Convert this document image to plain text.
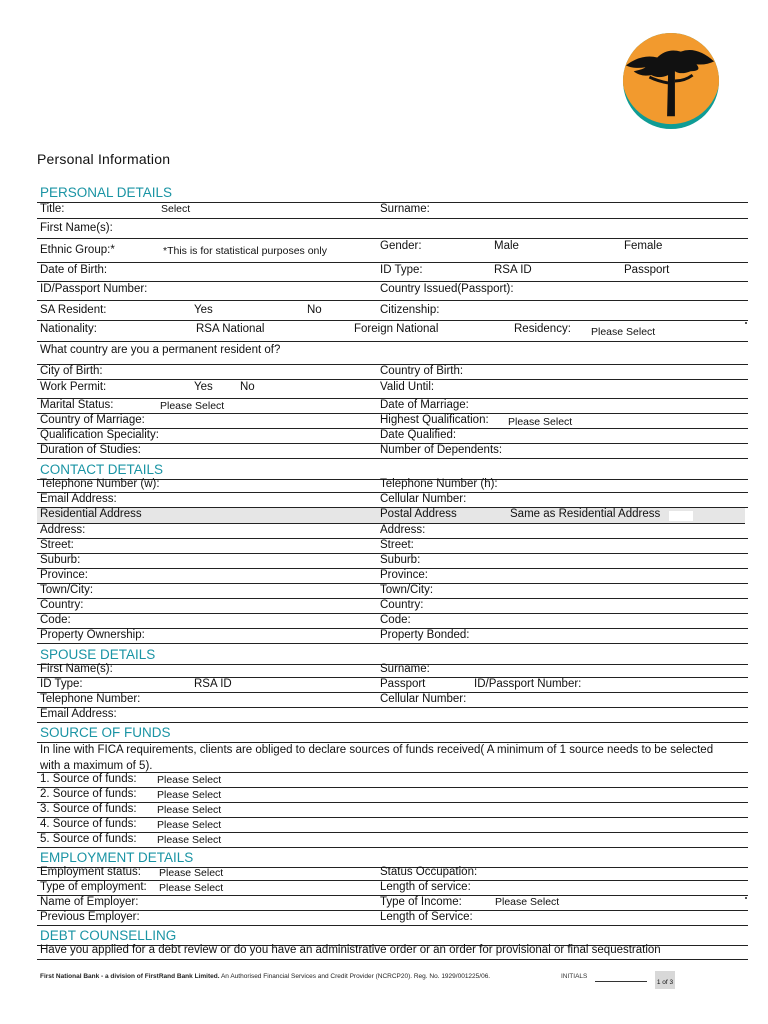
Personal Information
PERSONAL DETAILS
Title:	Select	Surname:
First Name(s):
Ethnic Group:*	*This is for statistical purposes only	Gender:	Male	Female
Date of Birth:	ID Type:	RSA ID	Passport
ID/Passport Number:	Country Issued(Passport):
SA Resident:	Yes	No	Citizenship:
Nationality:	RSA National	Foreign National	Residency: Please Select
What country are you a permanent resident of?
City of Birth:	Country of Birth:
Work Permit:	Yes No	Valid Until:
Marital Status:	Please Select	Date of Marriage:
Country of Marriage:	Highest Qualification: Please Select
Qualification Speciality:	Date Qualified:
Duration of Studies:	Number of Dependents:
CONTACT DETAILS
Telephone Number (w):	Telephone Number (h):
Email Address:	Cellular Number:
Residential Address	Postal Address	Same as Residential Address
Address:	Address:
Street:	Street:
Suburb:	Suburb:
Province:	Province:
Town/City:	Town/City:
Country:	Country:
Code:	Code:
Property Ownership:	Property Bonded:
SPOUSE DETAILS
First Name(s):	Surname:
ID Type:	RSA ID	Passport	ID/Passport Number:
Telephone Number:	Cellular Number:
Email Address:
SOURCE OF FUNDS
In line with FICA requirements, clients are obliged to declare sources of funds received( A minimum of 1 source needs to be selected with a maximum of 5).
1. Source of funds: Please Select
2. Source of funds: Please Select
3. Source of funds: Please Select
4. Source of funds: Please Select
5. Source of funds: Please Select
EMPLOYMENT DETAILS
Employment status: Please Select	Status Occupation:
Type of employment: Please Select	Length of service:
Name of Employer:	Type of Income:	Please Select
Previous Employer:	Length of Service:
DEBT COUNSELLING
Have you applied for a debt review or do you have an administrative order or an order for provisional or final sequestration
First National Bank - a division of FirstRand Bank Limited. An Authorised Financial Services and Credit Provider (NCRCP20). Reg. No. 1929/001225/06.	INITIALS
1 of 3
